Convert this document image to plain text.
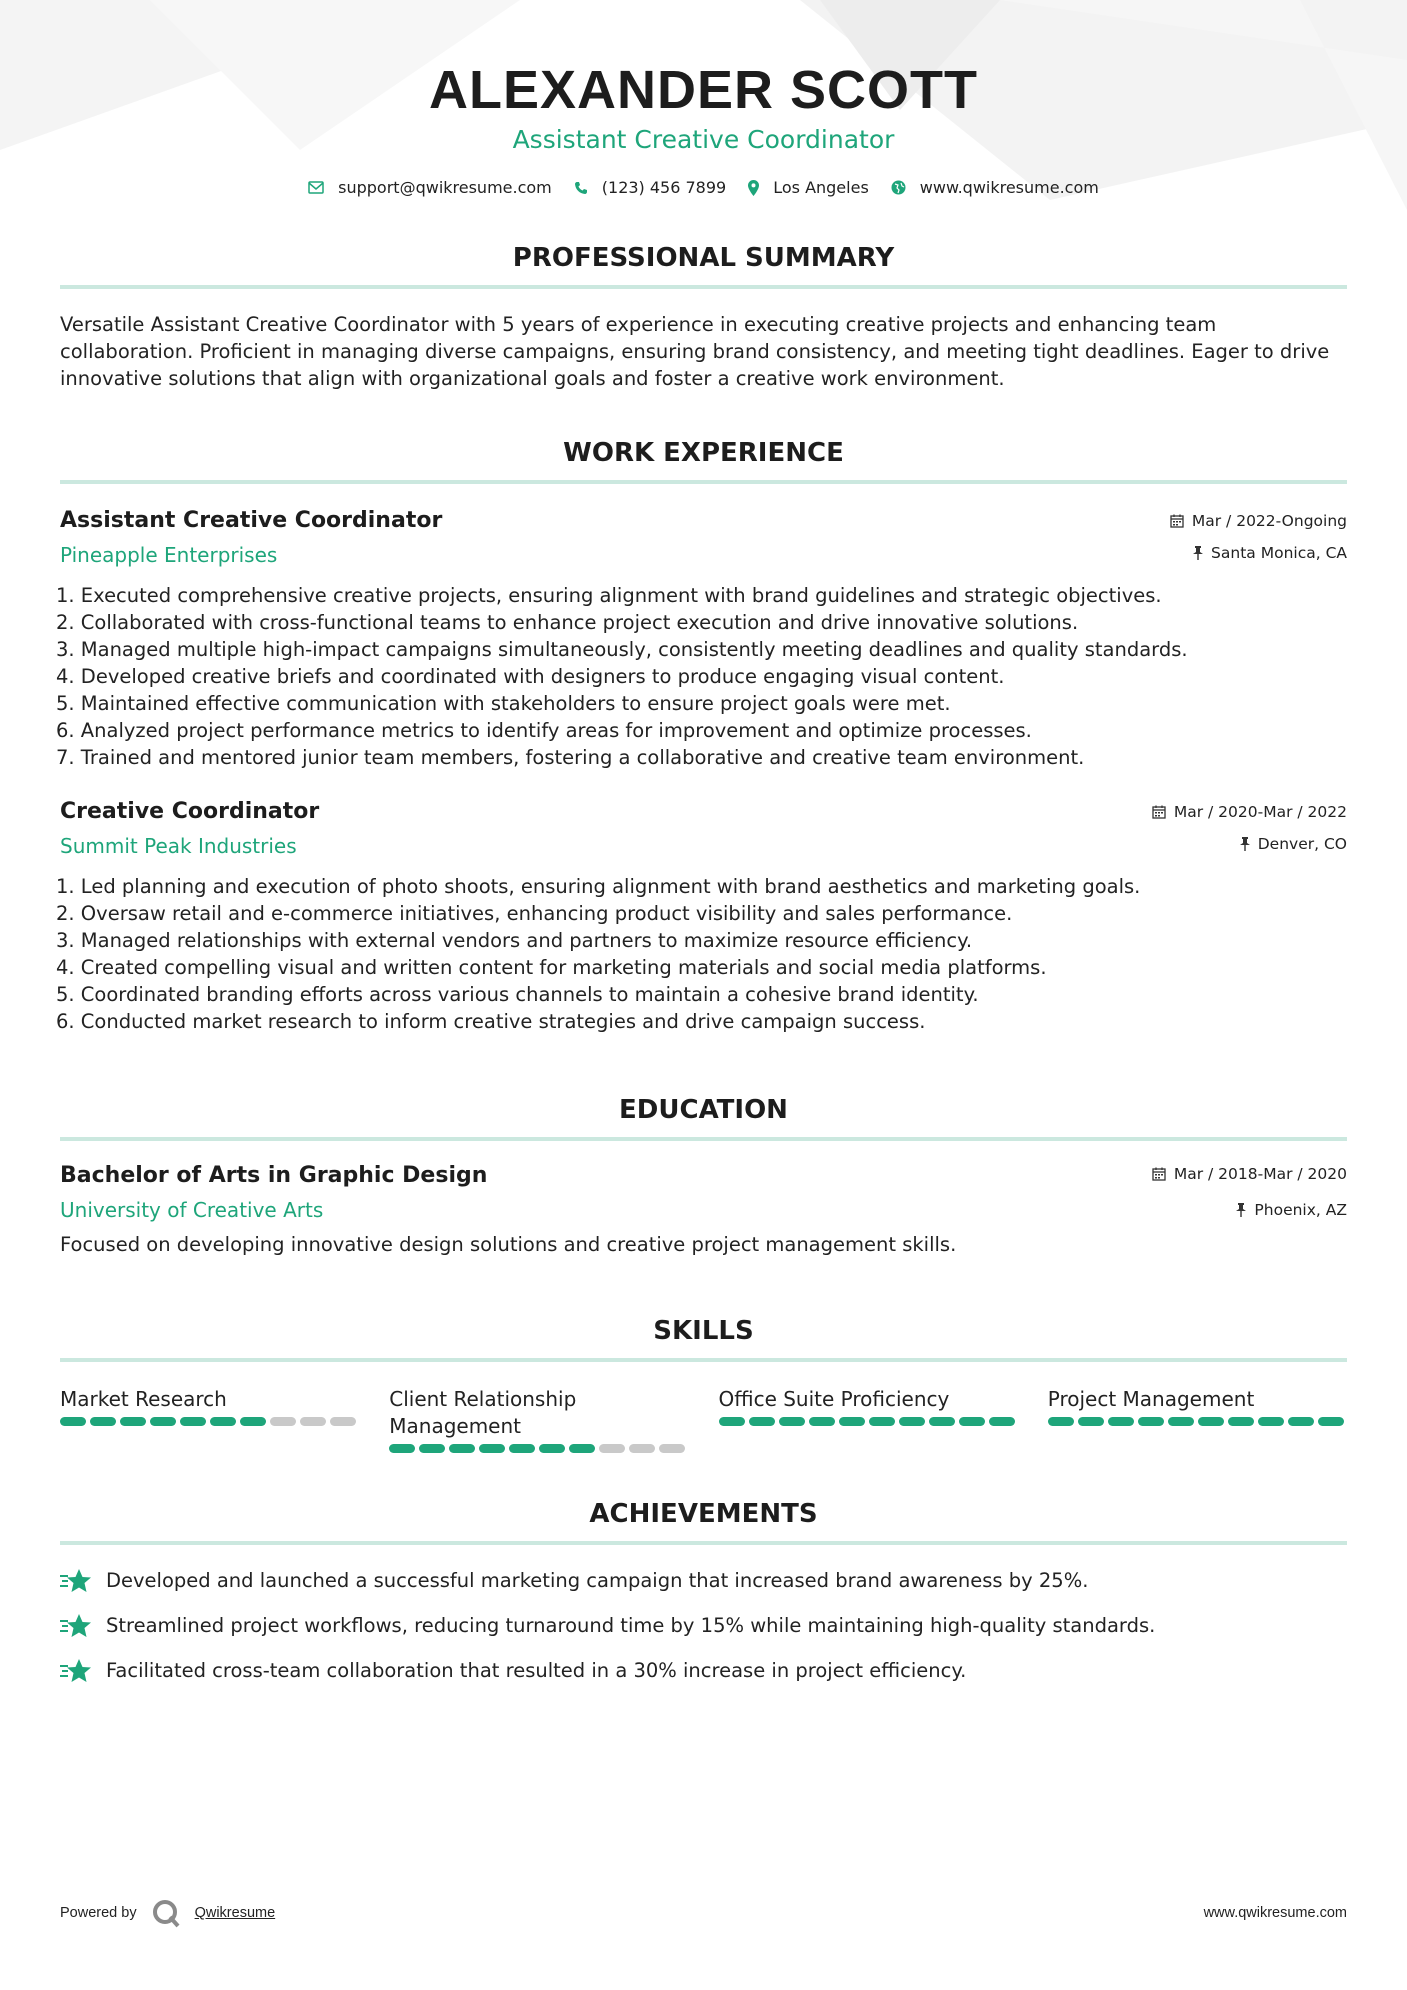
ALEXANDER SCOTT
Assistant Creative Coordinator
support@qwikresume.com	(123) 456 7899	Los Angeles	www.qwikresume.com
PROFESSIONAL SUMMARY

Versatile Assistant Creative Coordinator with 5 years of experience in executing creative projects and enhancing team collaboration. Proficient in managing diverse campaigns, ensuring brand consistency, and meeting tight deadlines. Eager to drive innovative solutions that align with organizational goals and foster a creative work environment.

WORK EXPERIENCE
Assistant Creative Coordinator
Pineapple Enterprises
Mar / 2022-Ongoing
Santa Monica, CA
1. Executed comprehensive creative projects, ensuring alignment with brand guidelines and strategic objectives.
2. Collaborated with cross-functional teams to enhance project execution and drive innovative solutions.
3. Managed multiple high-impact campaigns simultaneously, consistently meeting deadlines and quality standards.
4. Developed creative briefs and coordinated with designers to produce engaging visual content.
5. Maintained effective communication with stakeholders to ensure project goals were met.
6. Analyzed project performance metrics to identify areas for improvement and optimize processes.
7. Trained and mentored junior team members, fostering a collaborative and creative team environment.
Creative Coordinator
Summit Peak Industries
Mar / 2020-Mar / 2022
Denver, CO
1. Led planning and execution of photo shoots, ensuring alignment with brand aesthetics and marketing goals.
2. Oversaw retail and e-commerce initiatives, enhancing product visibility and sales performance.
3. Managed relationships with external vendors and partners to maximize resource efficiency.
4. Created compelling visual and written content for marketing materials and social media platforms.
5. Coordinated branding efforts across various channels to maintain a cohesive brand identity.
6. Conducted market research to inform creative strategies and drive campaign success.
EDUCATION
Bachelor of Arts in Graphic Design
University of Creative Arts
Mar / 2018-Mar / 2020
Phoenix, AZ

Focused on developing innovative design solutions and creative project management skills.

SKILLS
Market Research	Client Relationship Management
Office Suite Proficiency	Project Management
ACHIEVEMENTS
Developed and launched a successful marketing campaign that increased brand awareness by 25%.
Streamlined project workflows, reducing turnaround time by 15% while maintaining high-quality standards.
Facilitated cross-team collaboration that resulted in a 30% increase in project efficiency.
Powered by	Qwikresume	www.qwikresume.com
